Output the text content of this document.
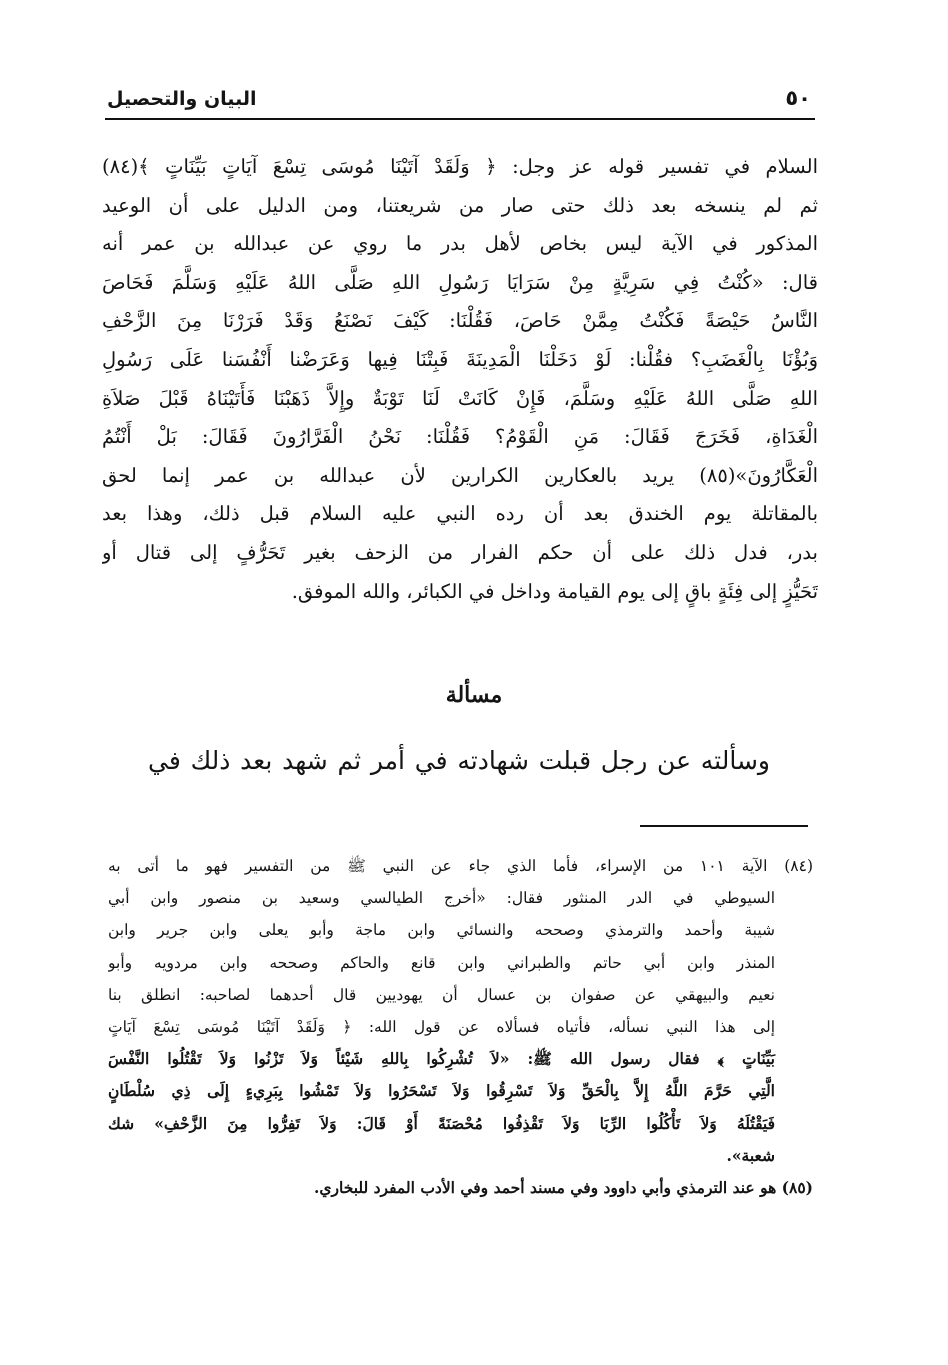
البيان والتحصيل	٥٠
السلام في تفسير قوله عز وجل: ﴿ وَلَقَدْ آتَيْنَا مُوسَى تِسْعَ آيَاتٍ بَيِّنَاتٍ ﴾(٨٤)
ثم لم ينسخه بعد ذلك حتى صار من شريعتنا، ومن الدليل على أن الوعيد
المذكور في الآية ليس بخاص لأهل بدر ما روي عن عبدالله بن عمر أنه
قال: «كُنْتُ فِي سَرِيَّةٍ مِنْ سَرَايَا رَسُولِ اللهِ صَلَّى اللهُ عَلَيْهِ وَسَلَّمَ فَحَاصَ
النَّاسُ حَيْصَةً فَكُنْتُ مِمَّنْ حَاصَ، فَقُلْنَا: كَيْفَ نَصْنَعُ وَقَدْ فَرَرْنَا مِنَ الزَّحْفِ
وَبُؤْنَا بِالْغَضَبِ؟ فقُلْنا: لَوْ دَخَلْنَا الْمَدِينَةَ فَبِتْنَا فِيها وَعَرَضْنا أَنْفُسَنا عَلَى رَسُولِ
اللهِ صَلَّى اللهُ عَلَيْهِ وسَلَّمَ، فَإِنْ كَانَتْ لَنَا تَوْبَةٌ وإِلاَّ ذَهَبْنَا فَأَتَيْنَاهُ قَبْلَ صَلاَةِ
الْغَدَاةِ، فَخَرَجَ فَقَالَ: مَنِ الْقَوْمُ؟ فَقُلْنَا: نَحْنُ الْفَرَّارُونَ فَقَالَ: بَلْ أَنْتُمُ
الْعَكَّارُونَ»(٨٥) يريد بالعكارين الكرارين لأن عبدالله بن عمر إنما لحق
بالمقاتلة يوم الخندق بعد أن رده النبي عليه السلام قبل ذلك، وهذا بعد
بدر، فدل ذلك على أن حكم الفرار من الزحف بغير تَحَرُّفٍ إلى قتال أو
تَحَيُّزٍ إلى فِئَةٍ باقٍ إلى يوم القيامة وداخل في الكبائر، والله الموفق.
مسألة
وسألته عن رجل قبلت شهادته في أمر ثم شهد بعد ذلك في
(٨٤) الآية ١٠١ من الإسراء، فأما الذي جاء عن النبي ﷺ من التفسير فهو ما أتى به
السيوطي في الدر المنثور فقال: «أخرج الطيالسي وسعيد بن منصور وابن أبي
شيبة وأحمد والترمذي وصححه والنسائي وابن ماجة وأبو يعلى وابن جرير وابن
المنذر وابن أبي حاتم والطبراني وابن قانع والحاكم وصححه وابن مردويه وأبو
نعيم والبيهقي عن صفوان بن عسال أن يهوديين قال أحدهما لصاحبه: انطلق بنا
إلى هذا النبي نسأله، فأتياه فسألاه عن قول الله: ﴿ وَلَقَدْ آتَيْنَا مُوسَى تِسْعَ آيَاتٍ
بَيِّنَاتٍ ﴾ فقال رسول الله ﷺ: «لاَ تُشْرِكُوا بِاللهِ شَيْئاً وَلاَ تَزْنُوا وَلاَ تَقْتُلُوا النَّفْسَ
الَّتِي حَرَّمَ اللَّهُ إِلاَّ بِالْحَقِّ وَلاَ تَسْرِقُوا وَلاَ تَسْحَرُوا وَلاَ تَمْشُوا بِبَرِيءٍ إِلَى ذِي سُلْطَانٍ
فَيَقْتُلَهُ وَلاَ تَأْكُلُوا الرِّبَا وَلاَ تَقْذِفُوا مُحْصَنَةً أَوْ قَالَ: وَلاَ تَفِرُّوا مِنَ الزَّحْفِ» شك
شعبة».
(٨٥) هو عند الترمذي وأبي داوود وفي مسند أحمد وفي الأدب المفرد للبخاري.
